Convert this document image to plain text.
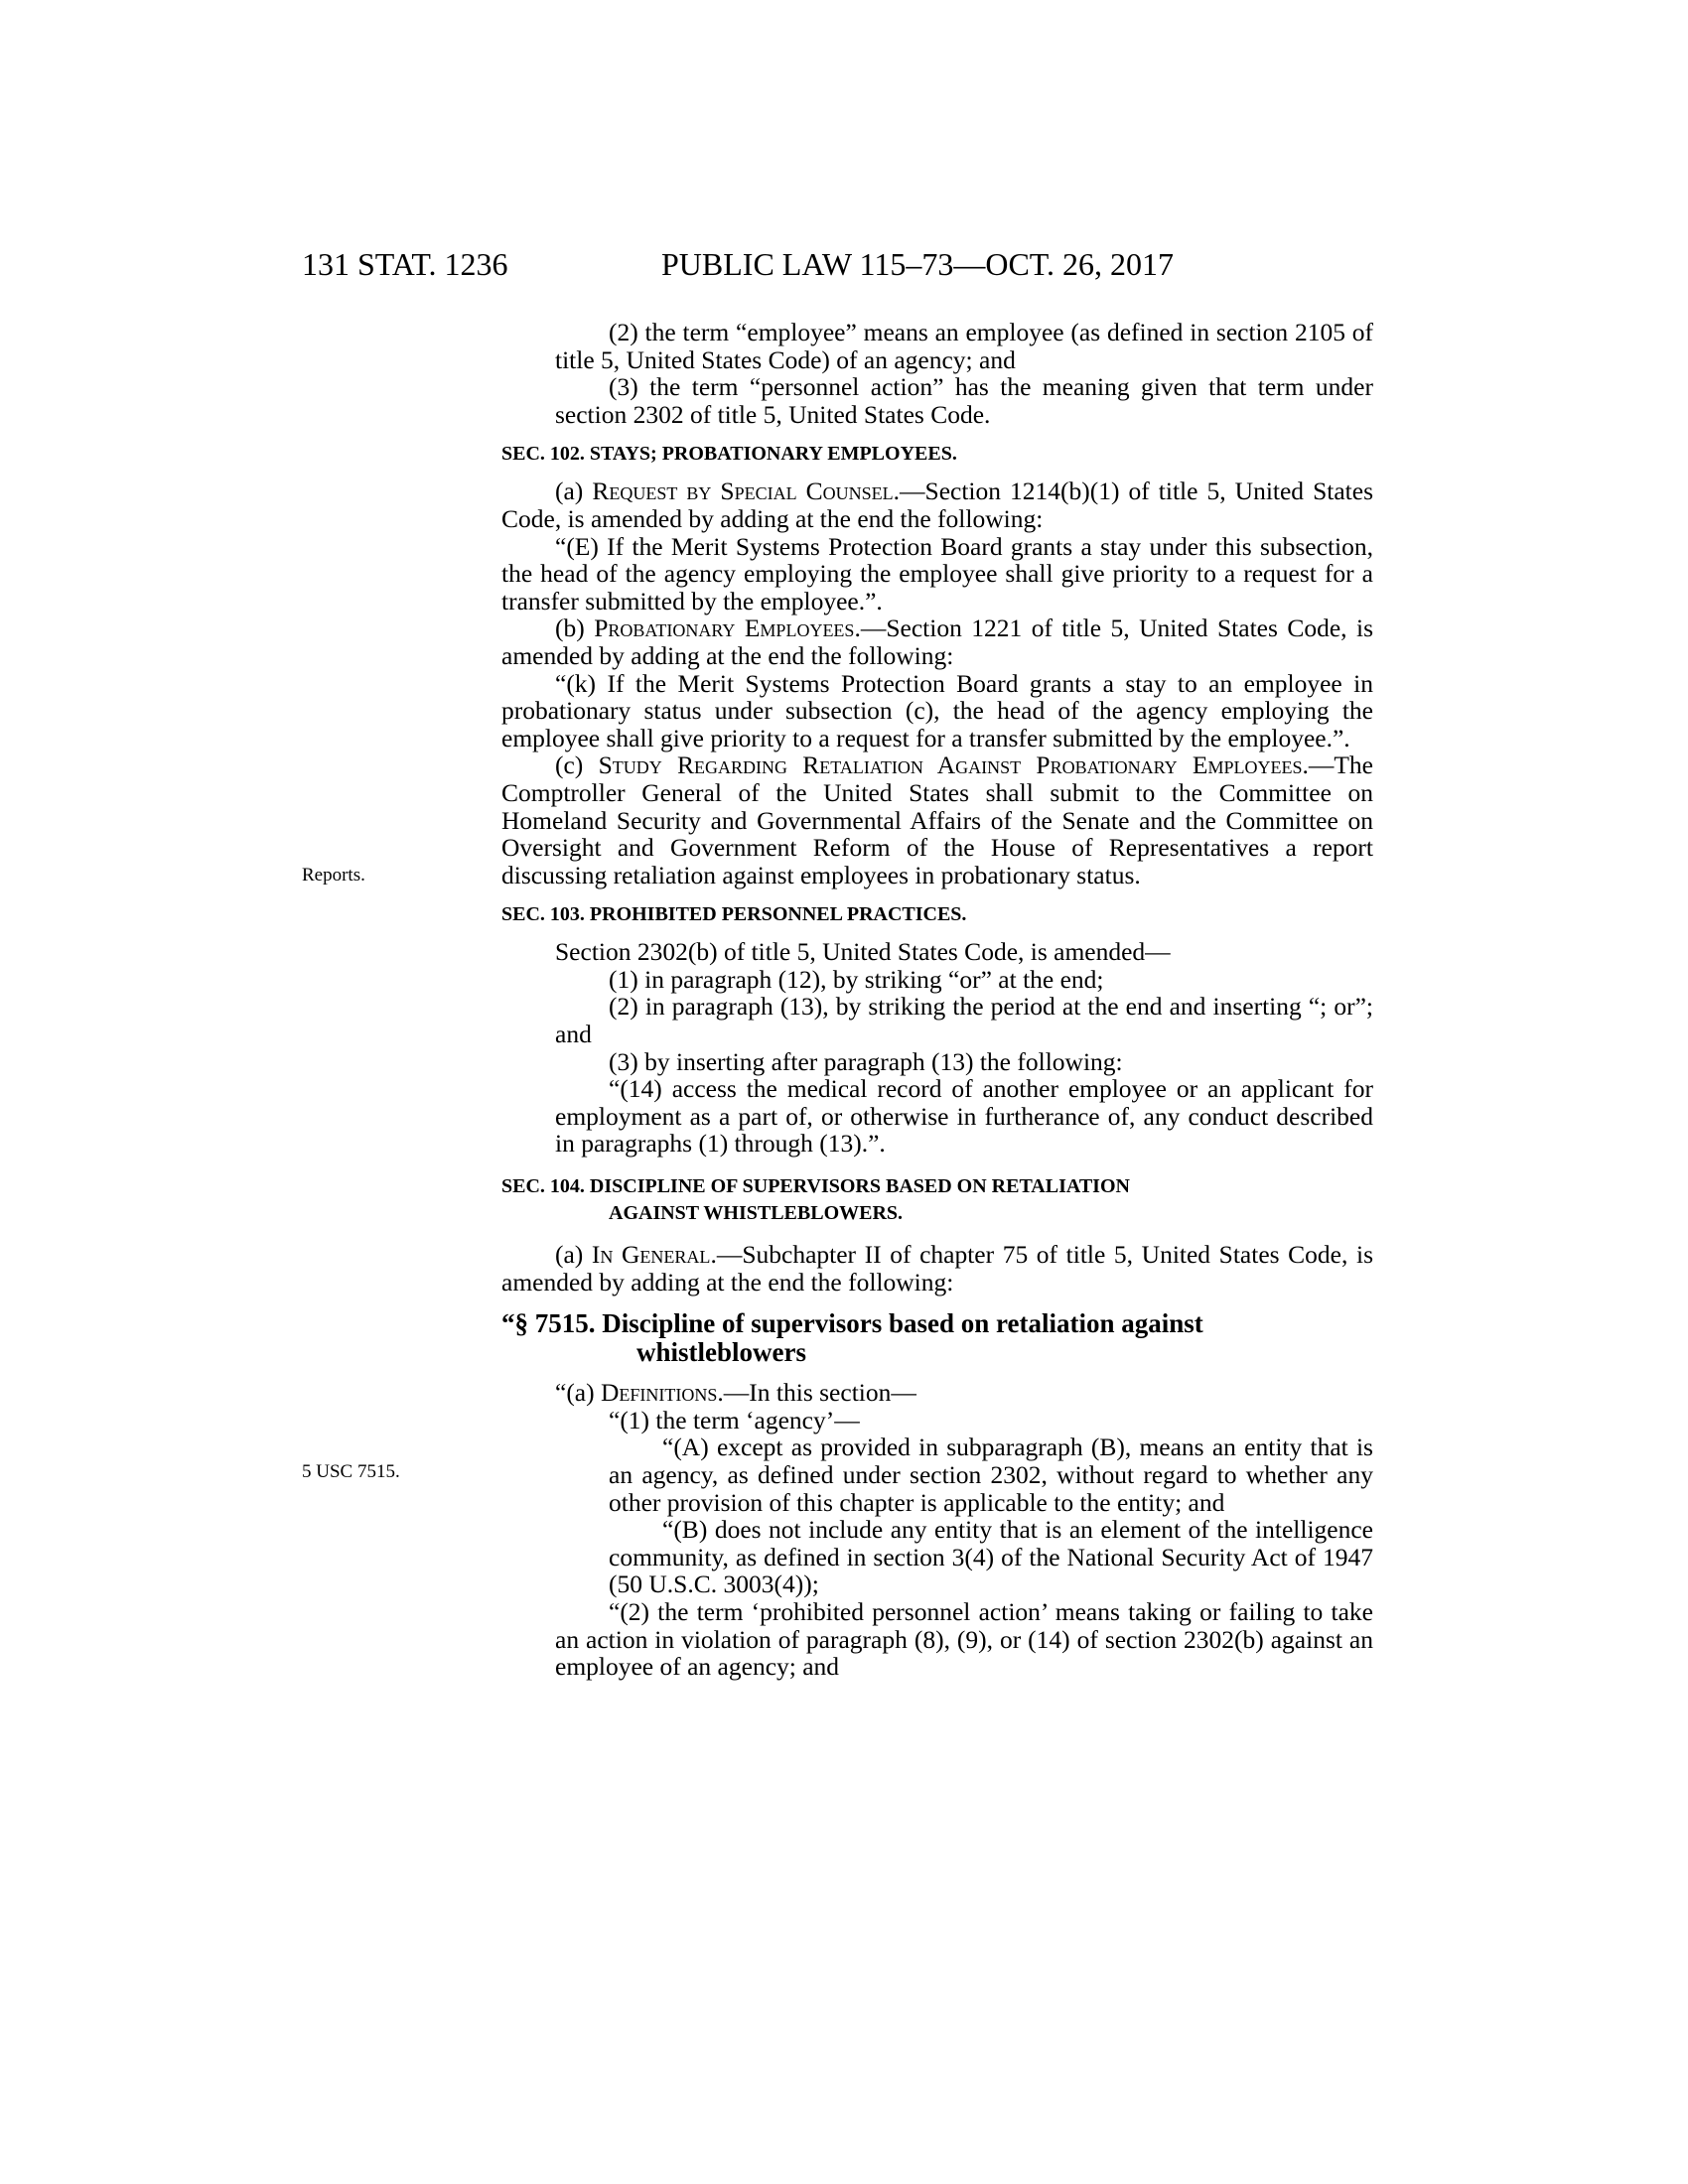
131 STAT. 1236	PUBLIC LAW 115–73—OCT. 26, 2017
Reports.
5 USC 7515.

(2) the term “employee” means an employee (as defined in section 2105 of title 5, United States Code) of an agency; and

(3) the term “personnel action” has the meaning given that term under section 2302 of title 5, United States Code.

SEC. 102. STAYS; PROBATIONARY EMPLOYEES.

(a) Request by Special Counsel.—Section 1214(b)(1) of title 5, United States Code, is amended by adding at the end the following:

“(E) If the Merit Systems Protection Board grants a stay under this subsection, the head of the agency employing the employee shall give priority to a request for a transfer submitted by the employee.”.

(b) Probationary Employees.—Section 1221 of title 5, United States Code, is amended by adding at the end the following:

“(k) If the Merit Systems Protection Board grants a stay to an employee in probationary status under subsection (c), the head of the agency employing the employee shall give priority to a request for a transfer submitted by the employee.”.

(c) Study Regarding Retaliation Against Probationary Employees.—The Comptroller General of the United States shall submit to the Committee on Homeland Security and Governmental Affairs of the Senate and the Committee on Oversight and Government Reform of the House of Representatives a report discussing retaliation against employees in probationary status.

SEC. 103. PROHIBITED PERSONNEL PRACTICES.

Section 2302(b) of title 5, United States Code, is amended—

(1) in paragraph (12), by striking “or” at the end;

(2) in paragraph (13), by striking the period at the end and inserting “; or”; and

(3) by inserting after paragraph (13) the following:

“(14) access the medical record of another employee or an applicant for employment as a part of, or otherwise in furtherance of, any conduct described in paragraphs (1) through (13).”.

SEC. 104. DISCIPLINE OF SUPERVISORS BASED ON RETALIATION
AGAINST WHISTLEBLOWERS.

(a) In General.—Subchapter II of chapter 75 of title 5, United States Code, is amended by adding at the end the following:

“§ 7515. Discipline of supervisors based on retaliation against
whistleblowers

“(a) Definitions.—In this section—

“(1) the term ‘agency’—

“(A) except as provided in subparagraph (B), means an entity that is an agency, as defined under section 2302, without regard to whether any other provision of this chapter is applicable to the entity; and

“(B) does not include any entity that is an element of the intelligence community, as defined in section 3(4) of the National Security Act of 1947 (50 U.S.C. 3003(4));

“(2) the term ‘prohibited personnel action’ means taking or failing to take an action in violation of paragraph (8), (9), or (14) of section 2302(b) against an employee of an agency; and
